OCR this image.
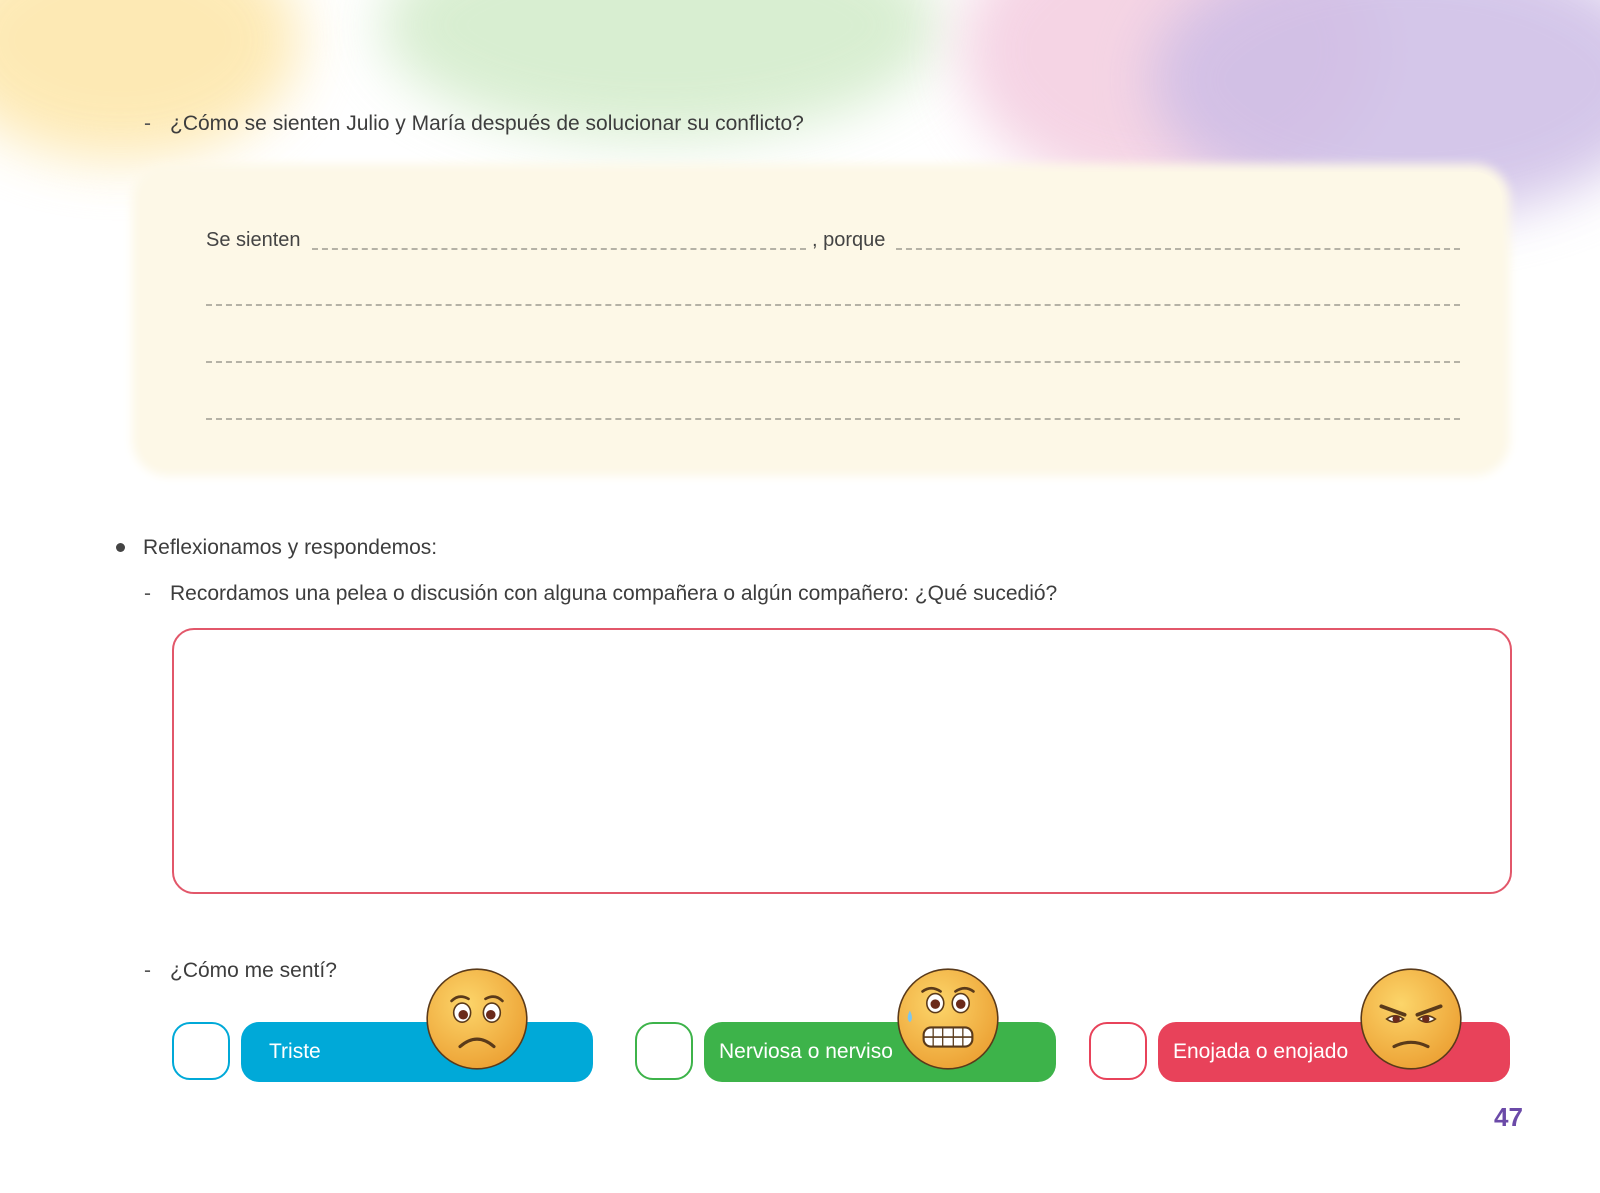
- ¿Cómo se sienten Julio y María después de solucionar su conflicto?
Se sienten	, porque
Reflexionamos y respondemos:
- Recordamos una pelea o discusión con alguna compañera o algún compañero: ¿Qué sucedió?
- ¿Cómo me sentí?
Triste	Nerviosa o nerviso	Enojada o enojado
47
